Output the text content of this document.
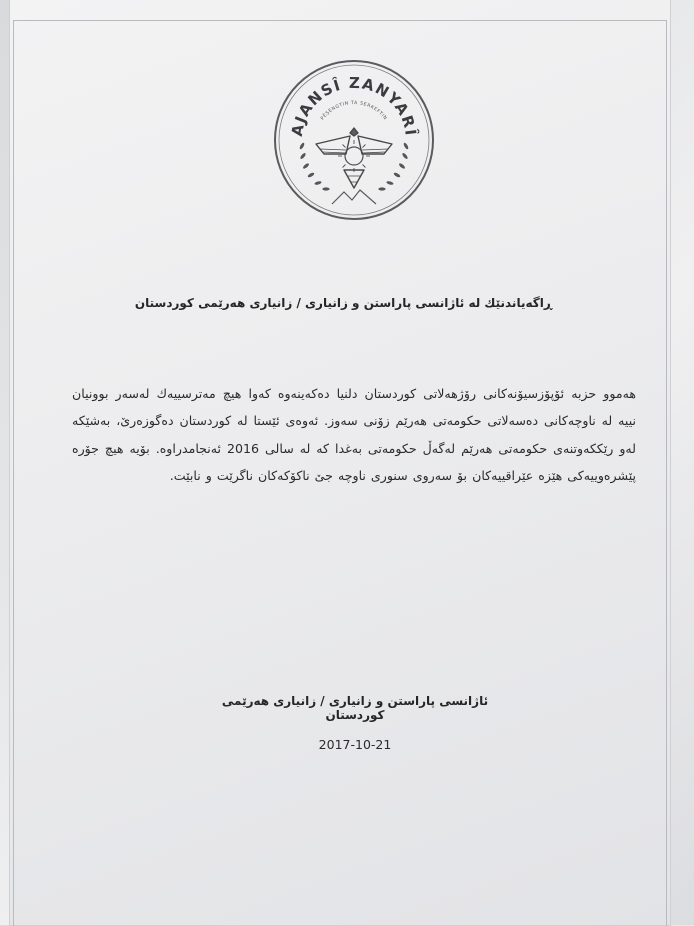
AJANSÎ ZANYARÎ
PÊŞENGTIN TA SERKEFTIN
ڕاگەیاندنێك لە ئاژانسی پاراستن و زانیاری / زانیاری هەرێمی كوردستان
هەموو حزبە ئۆپۆزسیۆنەكانی رۆژهەلاتی كوردستان دلنیا دەكەینەوە كەوا هیچ مەترسییەك لەسەر بوونیان نییە لە ناوچەكانی دەسەلاتی حكومەتی هەرێم زۆنی سەوز. ئەوەی ئێستا لە كوردستان دەگوزەرێ، بەشێكە لەو رێككەوتنەی حكومەتی هەرێم لەگەڵ حكومەتی بەغدا كە لە سالی 2016 ئەنجامدراوە. بۆیە هیچ جۆرە پێشرەوییەكی هێزە عێراقییەكان بۆ سەروی سنوری ناوچە جێ ناكۆكەكان ناگرێت و نابێت.
ئاژانسی پاراستن و زانیاری / زانیاری هەرێمی كوردستان
2017-10-21
